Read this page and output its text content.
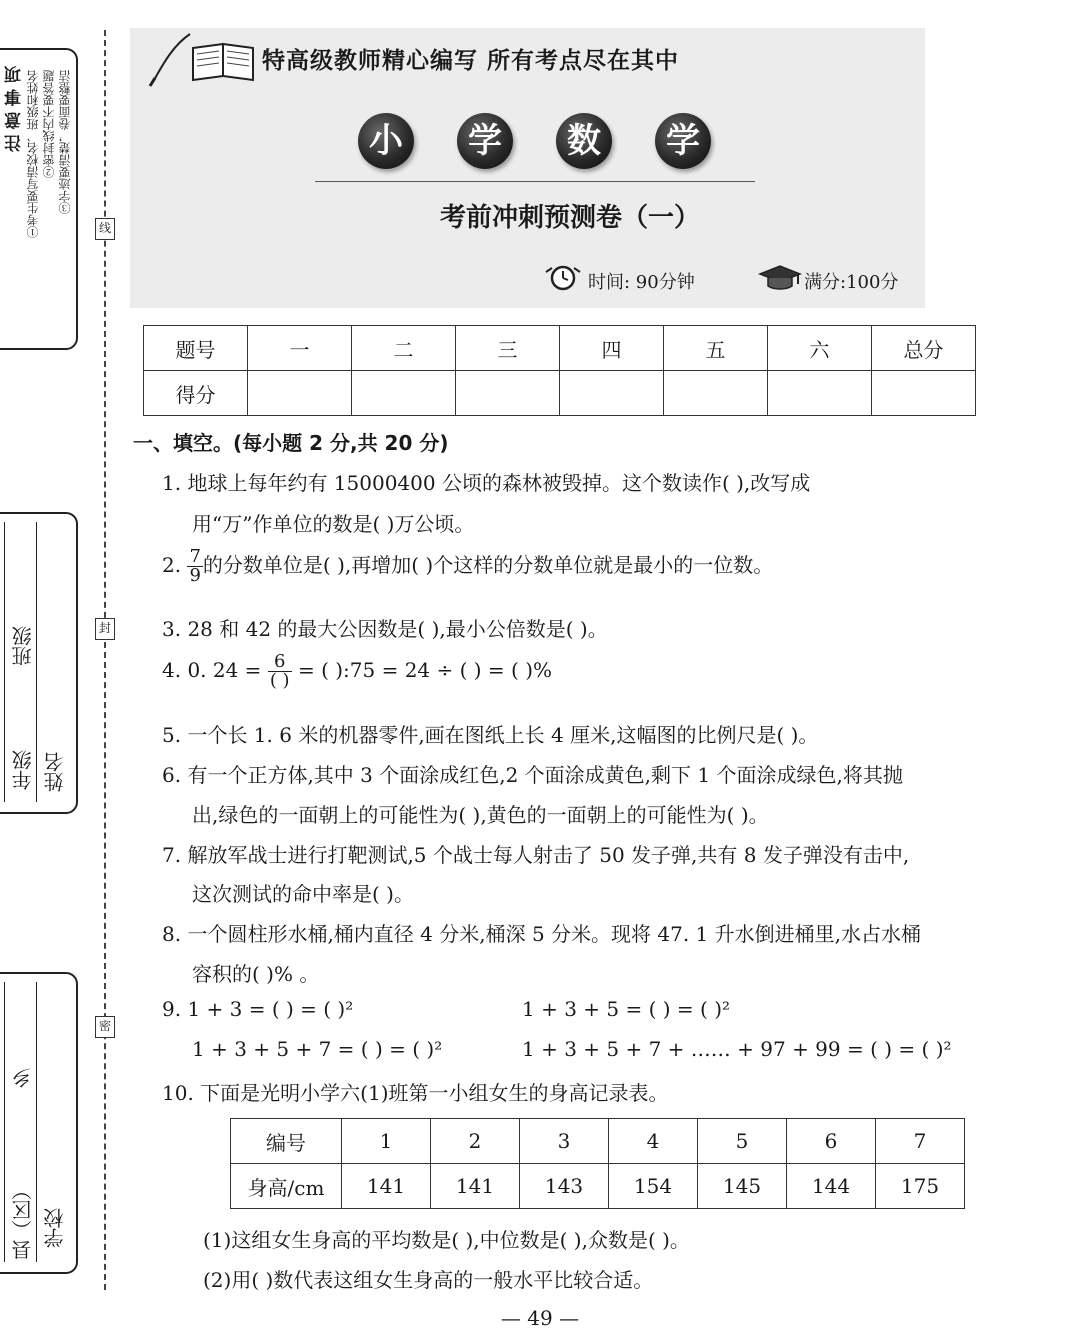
线
封
密
注意事项 ①考生要写清校名、班级和姓名 ②密封线内不要答题 ③字迹要清楚，卷面要整洁
班级
年级 姓名
乡
县（区） 学校
特高级教师精心编写 所有考点尽在其中
小	学	数	学
考前冲刺预测卷（一）
时间: 90分钟	满分:100分
题号	一	二	三	四	五	六	总分
得分							
一、填空。(每小题 2 分,共 20 分)
1. 地球上每年约有 15000400 公顷的森林被毁掉。这个数读作( ),改写成
用“万”作单位的数是( )万公顷。
2. $\frac{7}{9}$ 的分数单位是( ),再增加( )个这样的分数单位就是最小的一位数。
3. 28 和 42 的最大公因数是( ),最小公倍数是( )。
4. 0. $24 = \frac{6}{( )}$ = ( ):75 = 24 ÷ ( ) = ( )%
5. 一个长 1. 6 米的机器零件,画在图纸上长 4 厘米,这幅图的比例尺是( )。
6. 有一个正方体,其中 3 个面涂成红色,2 个面涂成黄色,剩下 1 个面涂成绿色,将其抛
出,绿色的一面朝上的可能性为( ),黄色的一面朝上的可能性为( )。
7. 解放军战士进行打靶测试,5 个战士每人射击了 50 发子弹,共有 8 发子弹没有击中,
这次测试的命中率是( )。
8. 一个圆柱形水桶,桶内直径 4 分米,桶深 5 分米。现将 47. 1 升水倒进桶里,水占水桶
容积的( )% 。
9. 1 + 3 = ( ) = ( )²	1 + 3 + 5 = ( ) = ( )²
1 + 3 + 5 + 7 = ( ) = ( )²	1 + 3 + 5 + 7 + …… + 97 + 99 = ( ) = ( )²
10. 下面是光明小学六(1)班第一小组女生的身高记录表。
编号	1	2	3	4	5	6	7
身高/cm	141	141	143	154	145	144	175
(1)这组女生身高的平均数是( ),中位数是( ),众数是( )。
(2)用( )数代表这组女生身高的一般水平比较合适。
— 49 —
